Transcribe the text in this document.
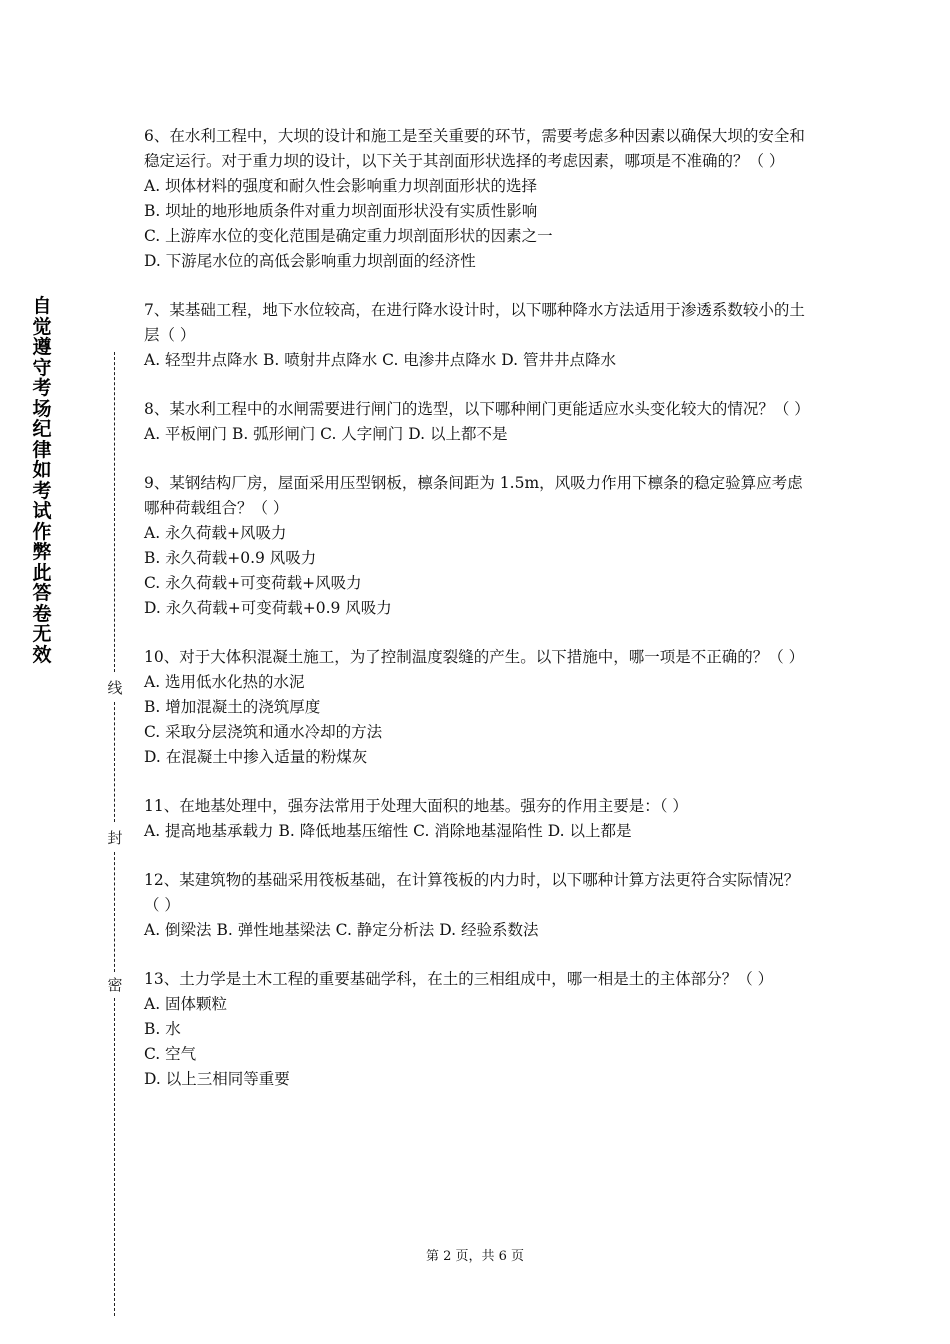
自觉遵守考场纪律如考试作弊此答卷无效
线
封
密

6、在水利工程中，大坝的设计和施工是至关重要的环节，需要考虑多种因素以确保大坝的安全和稳定运行。对于重力坝的设计，以下关于其剖面形状选择的考虑因素，哪项是不准确的？（ ）

A. 坝体材料的强度和耐久性会影响重力坝剖面形状的选择

B. 坝址的地形地质条件对重力坝剖面形状没有实质性影响

C. 上游库水位的变化范围是确定重力坝剖面形状的因素之一

D. 下游尾水位的高低会影响重力坝剖面的经济性

7、某基础工程，地下水位较高，在进行降水设计时，以下哪种降水方法适用于渗透系数较小的土层（ ）

A. 轻型井点降水 B. 喷射井点降水 C. 电渗井点降水 D. 管井井点降水

8、某水利工程中的水闸需要进行闸门的选型，以下哪种闸门更能适应水头变化较大的情况？（ ）

A. 平板闸门 B. 弧形闸门 C. 人字闸门 D. 以上都不是

9、某钢结构厂房，屋面采用压型钢板，檩条间距为 1.5m，风吸力作用下檩条的稳定验算应考虑哪种荷载组合？（ ）

A. 永久荷载+风吸力

B. 永久荷载+0.9 风吸力

C. 永久荷载+可变荷载+风吸力

D. 永久荷载+可变荷载+0.9 风吸力

10、对于大体积混凝土施工，为了控制温度裂缝的产生。以下措施中，哪一项是不正确的？（ ）

A. 选用低水化热的水泥

B. 增加混凝土的浇筑厚度

C. 采取分层浇筑和通水冷却的方法

D. 在混凝土中掺入适量的粉煤灰

11、在地基处理中，强夯法常用于处理大面积的地基。强夯的作用主要是：（ ）

A. 提高地基承载力 B. 降低地基压缩性 C. 消除地基湿陷性 D. 以上都是

12、某建筑物的基础采用筏板基础，在计算筏板的内力时，以下哪种计算方法更符合实际情况？（ ）

A. 倒梁法 B. 弹性地基梁法 C. 静定分析法 D. 经验系数法

13、土力学是土木工程的重要基础学科，在土的三相组成中，哪一相是土的主体部分？（ ）

A. 固体颗粒

B. 水

C. 空气

D. 以上三相同等重要

第 2 页，共 6 页
